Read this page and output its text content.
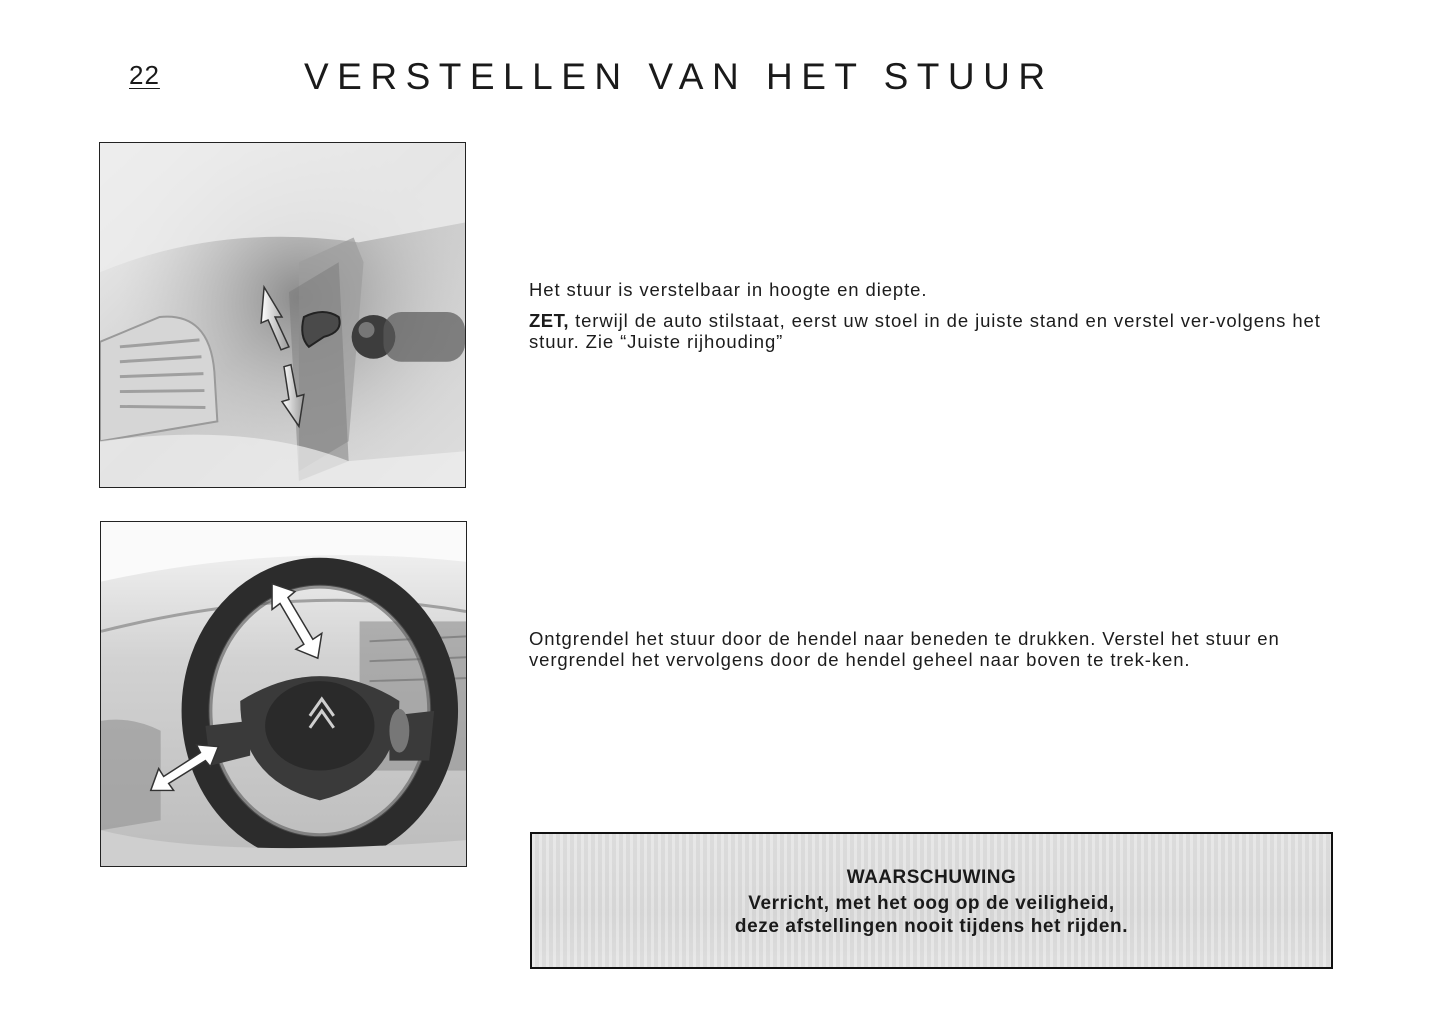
22	VERSTELLEN VAN HET STUUR

Het stuur is verstelbaar in hoogte en diepte.

ZET, terwijl de auto stilstaat, eerst uw stoel in de juiste stand en verstel ver-volgens het stuur. Zie “Juiste rijhouding”

Ontgrendel het stuur door de hendel naar beneden te drukken. Verstel het stuur en vergrendel het vervolgens door de hendel geheel naar boven te trek-ken.

WAARSCHUWING
Verricht, met het oog op de veiligheid,
deze afstellingen nooit tijdens het rijden.
